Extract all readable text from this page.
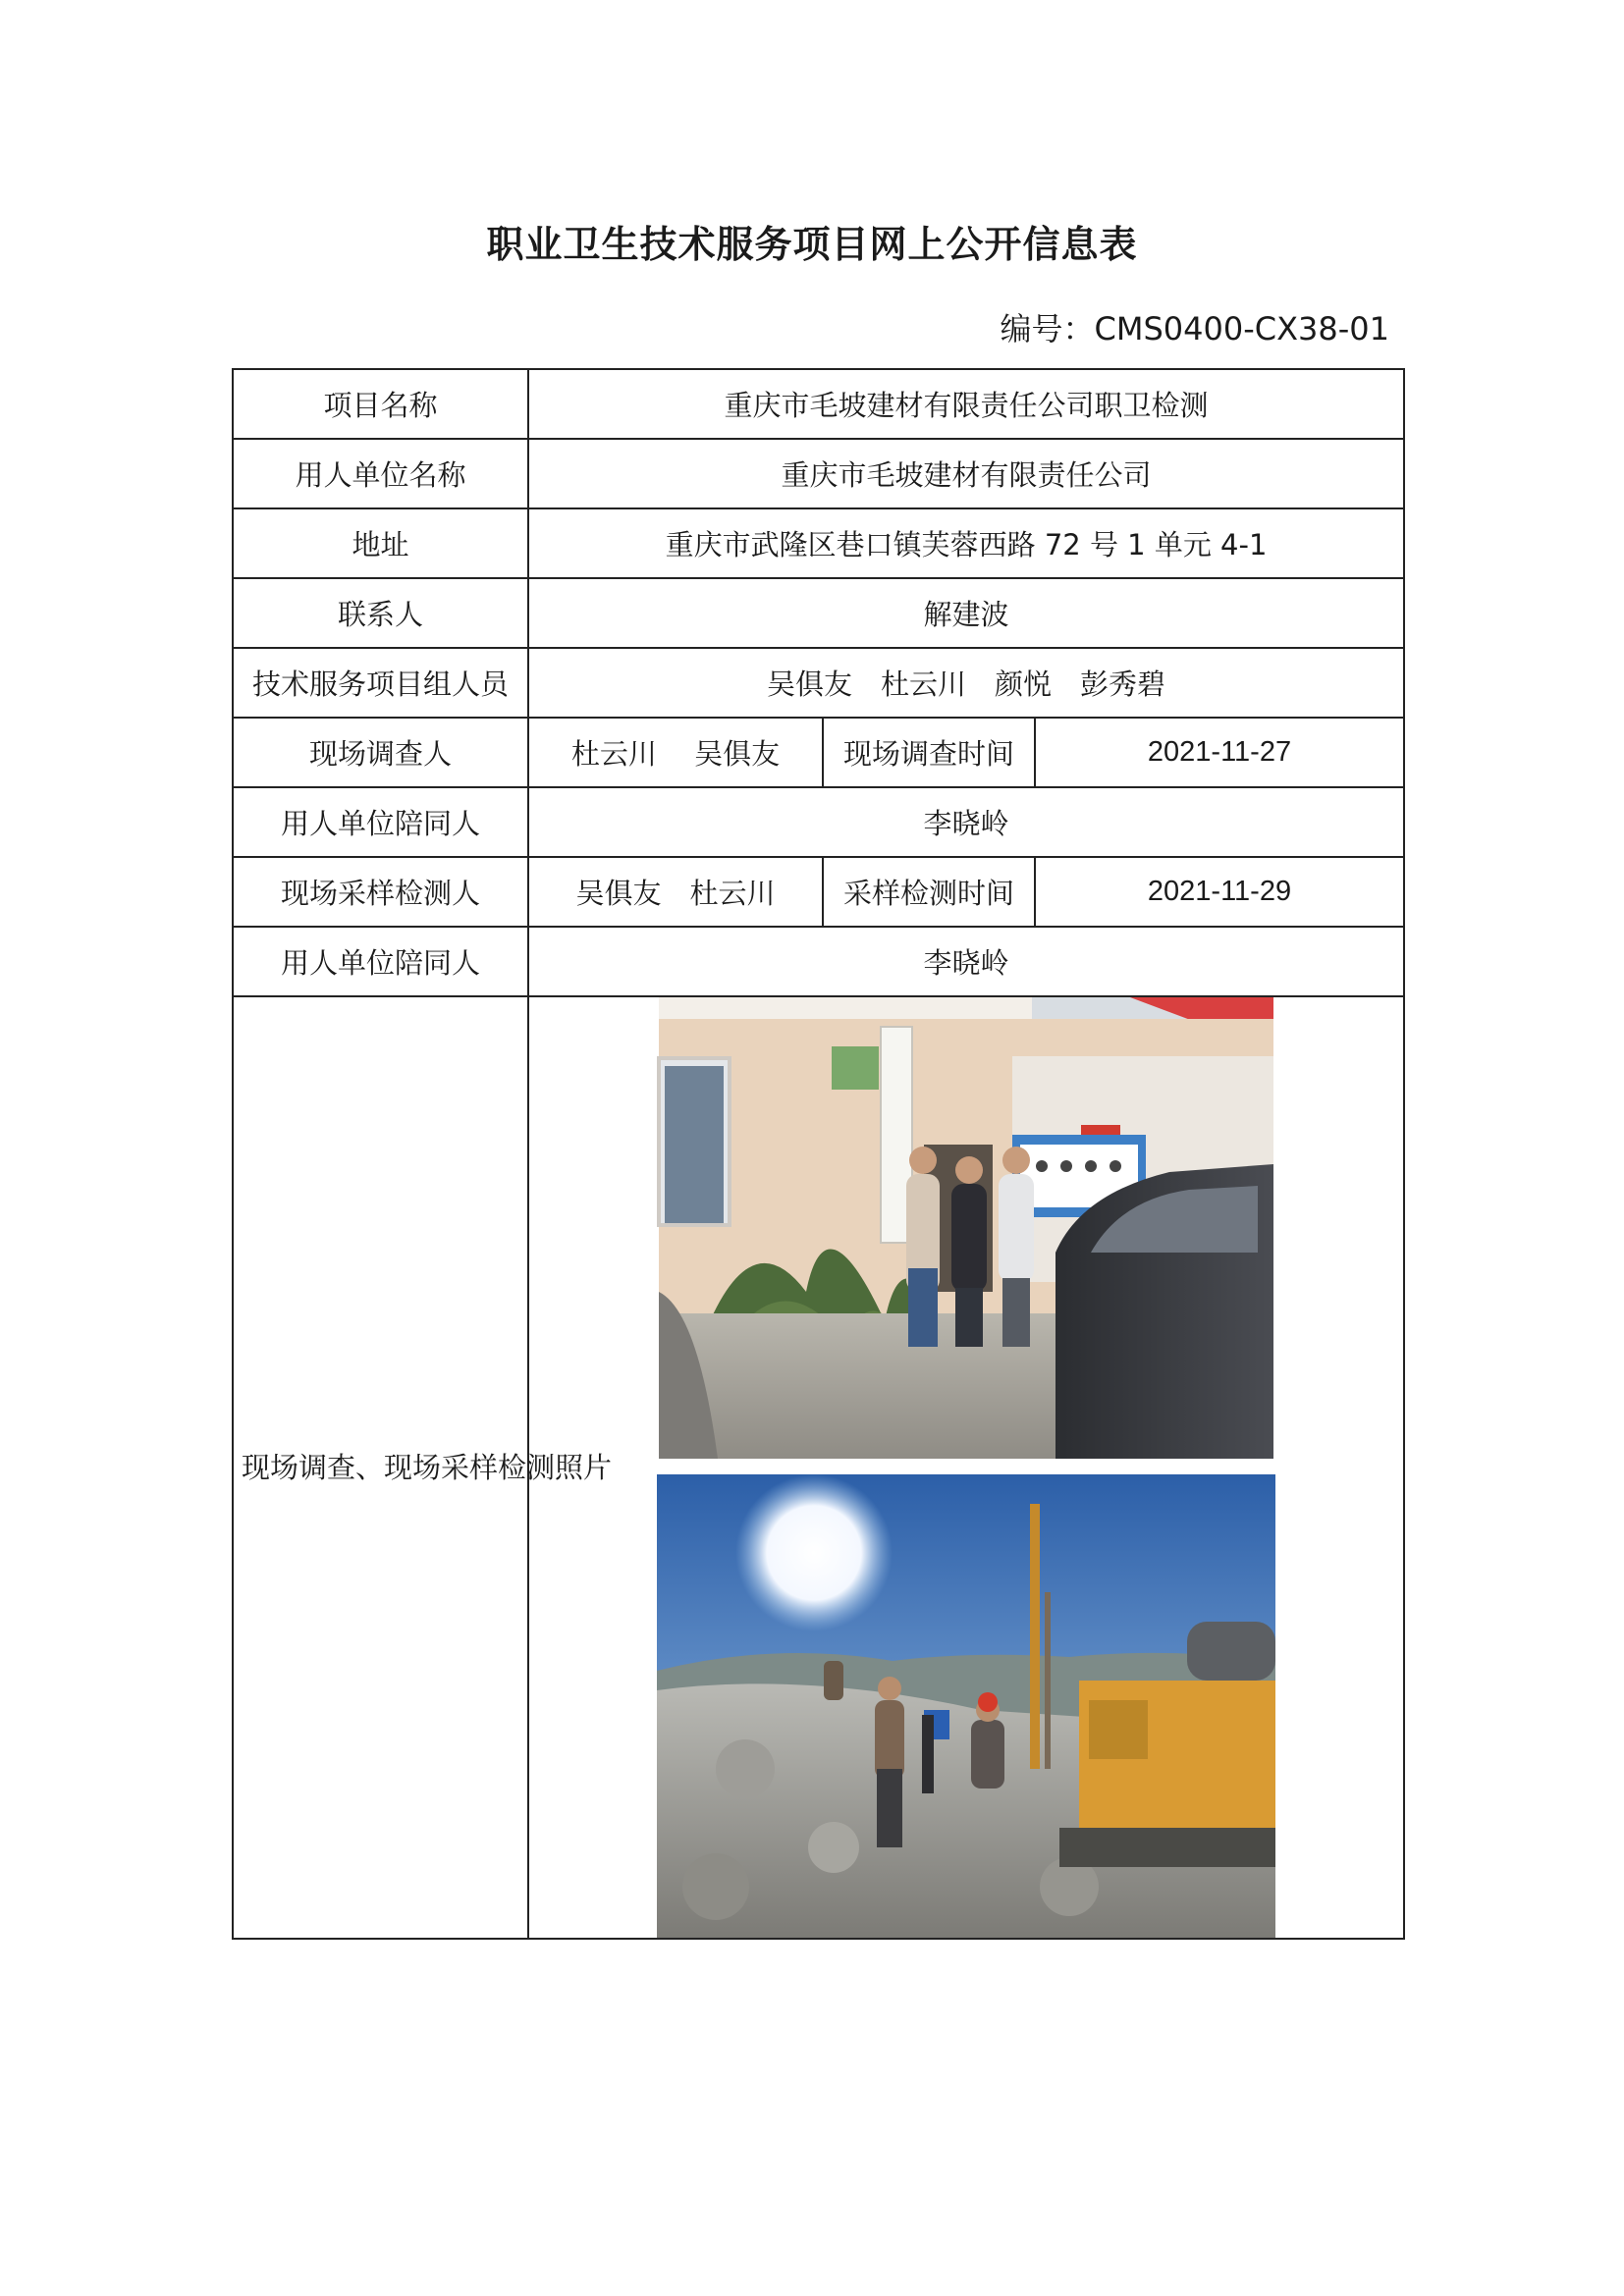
职业卫生技术服务项目网上公开信息表
编号：CMS0400-CX38-01
项目名称	重庆市毛坡建材有限责任公司职卫检测		
用人单位名称	重庆市毛坡建材有限责任公司		
地址	重庆市武隆区巷口镇芙蓉西路 72 号 1 单元 4-1		
联系人	解建波		
技术服务项目组人员	吴俱友　杜云川　颜悦　彭秀碧		
现场调查人	杜云川　 吴俱友	现场调查时间	2021-11-27
用人单位陪同人	李晓岭		
现场采样检测人	吴俱友　杜云川	采样检测时间	2021-11-29
用人单位陪同人	李晓岭		
现场调查、现场采样检测照片	
